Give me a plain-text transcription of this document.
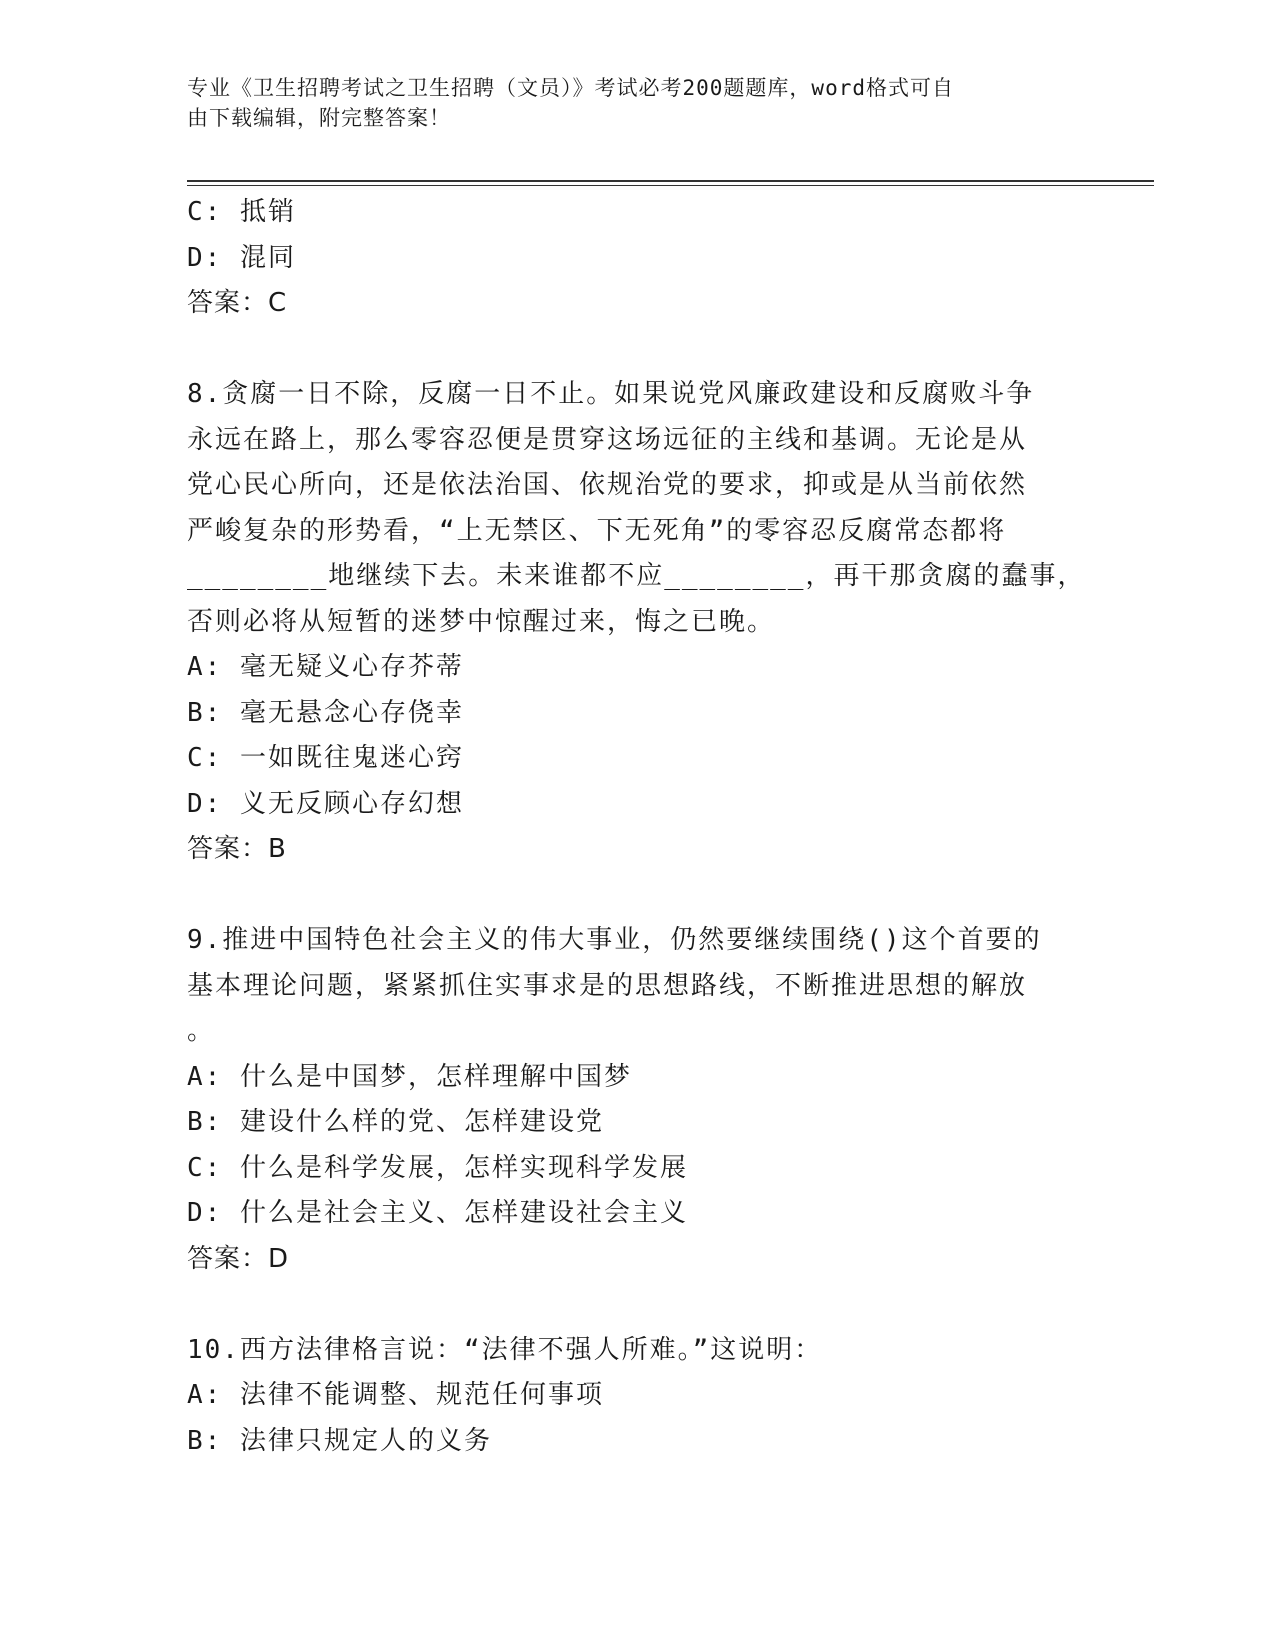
专业《卫生招聘考试之卫生招聘（文员）》考试必考200题题库，word格式可自
由下载编辑，附完整答案！
C: 抵销
D: 混同
答案：C
8.贪腐一日不除，反腐一日不止。如果说党风廉政建设和反腐败斗争
永远在路上，那么零容忍便是贯穿这场远征的主线和基调。无论是从
党心民心所向，还是依法治国、依规治党的要求，抑或是从当前依然
严峻复杂的形势看，“上无禁区、下无死角”的零容忍反腐常态都将
________地继续下去。未来谁都不应________，再干那贪腐的蠢事，
否则必将从短暂的迷梦中惊醒过来，悔之已晚。
A: 毫无疑义心存芥蒂
B: 毫无悬念心存侥幸
C: 一如既往鬼迷心窍
D: 义无反顾心存幻想
答案：B
9.推进中国特色社会主义的伟大事业，仍然要继续围绕()这个首要的
基本理论问题，紧紧抓住实事求是的思想路线，不断推进思想的解放
。
A: 什么是中国梦，怎样理解中国梦
B: 建设什么样的党、怎样建设党
C: 什么是科学发展，怎样实现科学发展
D: 什么是社会主义、怎样建设社会主义
答案：D
10.西方法律格言说：“法律不强人所难。”这说明：
A: 法律不能调整、规范任何事项
B: 法律只规定人的义务
